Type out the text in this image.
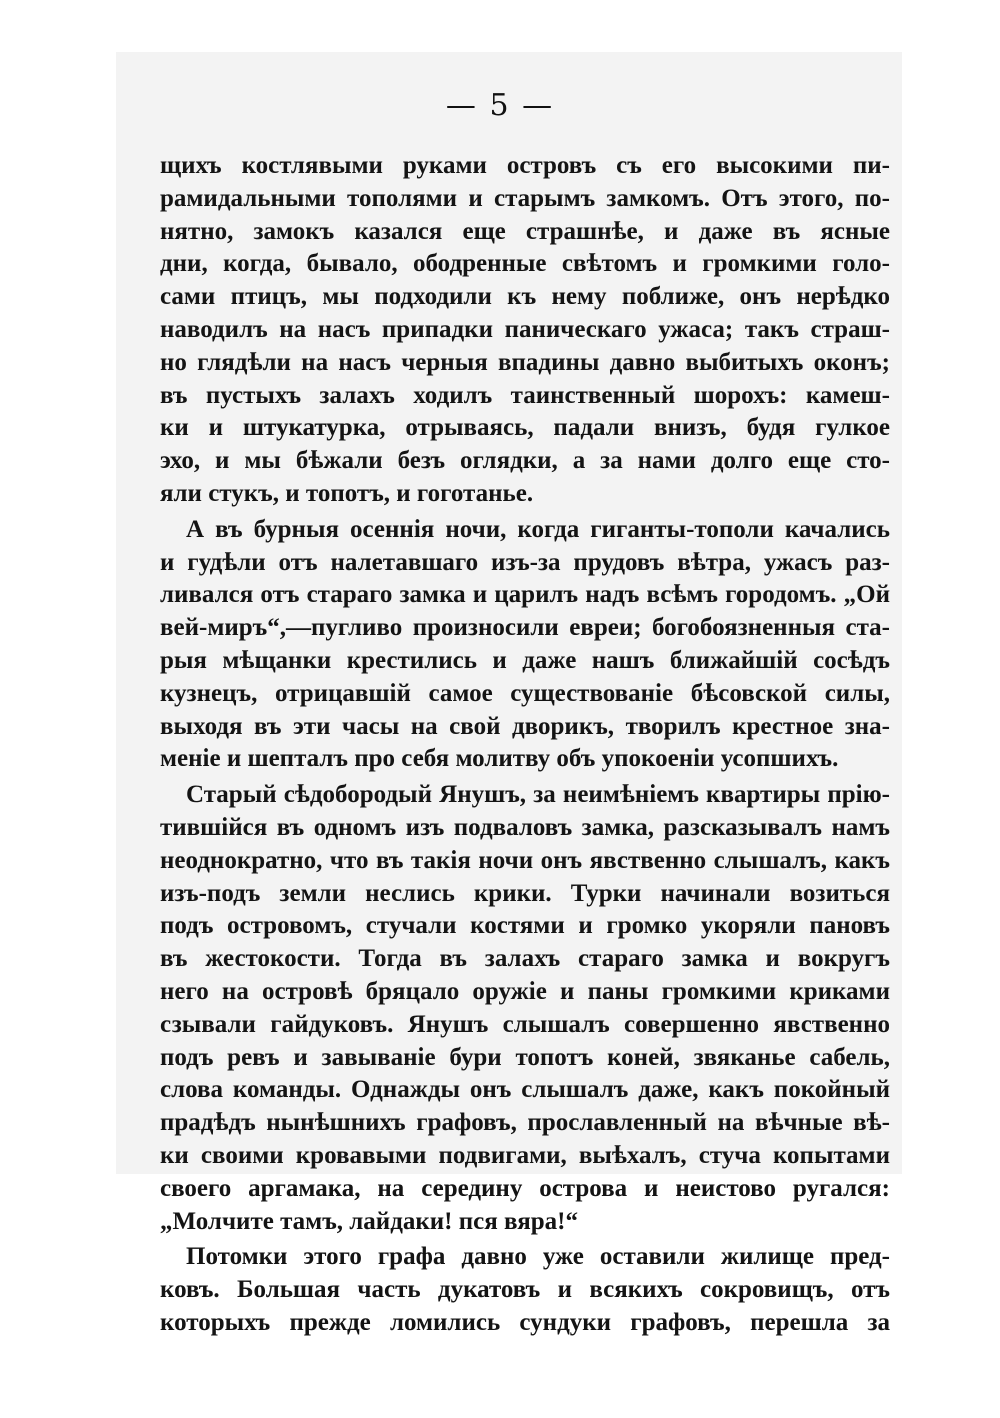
— 5 —
щихъ костлявыми руками островъ съ его высокими пи-
рамидальными тополями и старымъ замкомъ. Отъ этого, по-
нятно, замокъ казался еще страшнѣе, и даже въ ясные
дни, когда, бывало, ободренные свѣтомъ и громкими голо-
сами птицъ, мы подходили къ нему поближе, онъ нерѣдко
наводилъ на насъ припадки паническаго ужаса; такъ страш-
но глядѣли на насъ черныя впадины давно выбитыхъ оконъ;
въ пустыхъ залахъ ходилъ таинственный шорохъ: камеш-
ки и штукатурка, отрываясь, падали внизъ, будя гулкое
эхо, и мы бѣжали безъ оглядки, а за нами долго еще сто-
яли стукъ, и топотъ, и гоготанье.
А въ бурныя осеннія ночи, когда гиганты-тополи качались
и гудѣли отъ налетавшаго изъ-за прудовъ вѣтра, ужасъ раз-
ливался отъ стараго замка и царилъ надъ всѣмъ городомъ. „Ой
вей-миръ“,—пугливо произносили евреи; богобоязненныя ста-
рыя мѣщанки крестились и даже нашъ ближайшій сосѣдъ
кузнецъ, отрицавшій самое существованіе бѣсовской силы,
выходя въ эти часы на свой дворикъ, творилъ крестное зна-
меніе и шепталъ про себя молитву объ упокоеніи усопшихъ.
Старый сѣдобородый Янушъ, за неимѣніемъ квартиры прію-
тившійся въ одномъ изъ подваловъ замка, разсказывалъ намъ
неоднократно, что въ такія ночи онъ явственно слышалъ, какъ
изъ-подъ земли неслись крики. Турки начинали возиться
подъ островомъ, стучали костями и громко укоряли пановъ
въ жестокости. Тогда въ залахъ стараго замка и вокругъ
него на островѣ бряцало оружіе и паны громкими криками
сзывали гайдуковъ. Янушъ слышалъ совершенно явственно
подъ ревъ и завываніе бури топотъ коней, звяканье сабель,
слова команды. Однажды онъ слышалъ даже, какъ покойный
прадѣдъ нынѣшнихъ графовъ, прославленный на вѣчные вѣ-
ки своими кровавыми подвигами, выѣхалъ, стуча копытами
своего аргамака, на середину острова и неистово ругался:
„Молчите тамъ, лайдаки! пся вяра!“
Потомки этого графа давно уже оставили жилище пред-
ковъ. Большая часть дукатовъ и всякихъ сокровищъ, отъ
которыхъ прежде ломились сундуки графовъ, перешла за
